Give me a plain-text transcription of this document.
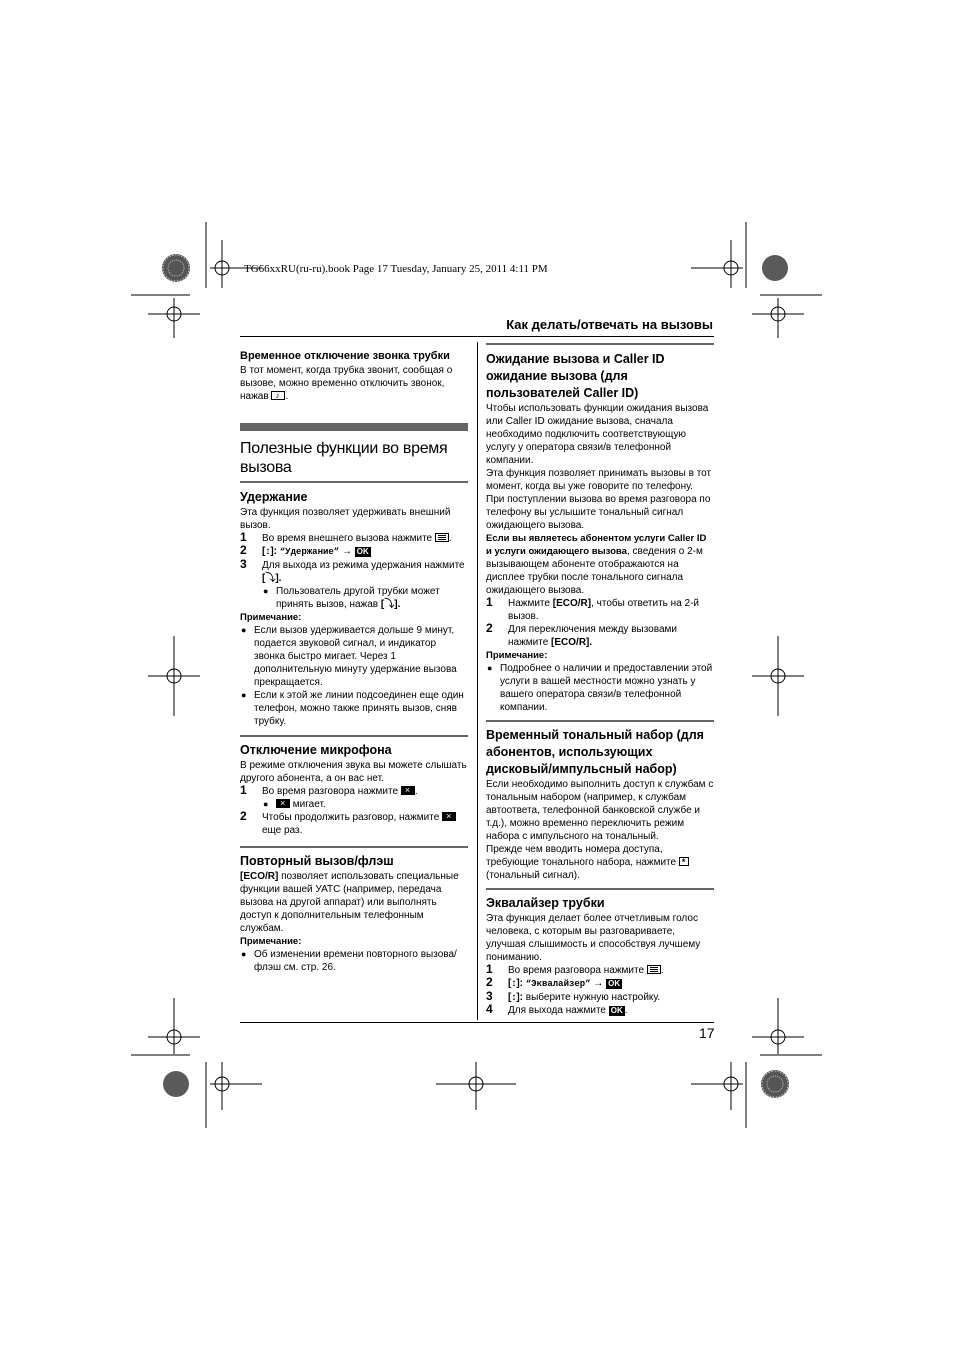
TG66xxRU(ru-ru).book Page 17 Tuesday, January 25, 2011 4:11 PM
Как делать/отвечать на вызовы

Временное отключение звонка трубки

В тот момент, когда трубка звонит, сообщая о вызове, можно временно отключить звонок, нажав ♪ .

Полезные функции во время вызова

Удержание

Эта функция позволяет удерживать внешний вызов.

1 Во время внешнего вызова нажмите .
2 [↕]: “Удержание” → OK
3 Для выхода из режима удержания нажмите [⤵].
● Пользователь другой трубки может принять вызов, нажав [⤵].

Примечание:

● Если вызов удерживается дольше 9 минут, подается звуковой сигнал, и индикатор звонка быстро мигает. Через 1 дополнительную минуту удержание вызова прекращается.
● Если к этой же линии подсоединен еще один телефон, можно также принять вызов, сняв трубку.

Отключение микрофона

В режиме отключения звука вы можете слышать другого абонента, а он вас нет.

1 Во время разговора нажмите × .
● × мигает.
2 Чтобы продолжить разговор, нажмите × еще раз.

Повторный вызов/флэш

[ECO/R] позволяет использовать специальные функции вашей УАТС (например, передача вызова на другой аппарат) или выполнять доступ к дополнительным телефонным службам.

Примечание:

● Об изменении времени повторного вызова/флэш см. стр. 26.

Ожидание вызова и Caller ID ожидание вызова (для пользователей Caller ID)

Чтобы использовать функции ожидания вызова или Caller ID ожидание вызова, сначала необходимо подключить соответствующую услугу у оператора связи/в телефонной компании.

Эта функция позволяет принимать вызовы в тот момент, когда вы уже говорите по телефону. При поступлении вызова во время разговора по телефону вы услышите тональный сигнал ожидающего вызова.

Если вы являетесь абонентом услуги Caller ID и услуги ожидающего вызова, сведения о 2-м вызывающем абоненте отображаются на дисплее трубки после тонального сигнала ожидающего вызова.

1 Нажмите [ECO/R], чтобы ответить на 2-й вызов.
2 Для переключения между вызовами нажмите [ECO/R].

Примечание:

● Подробнее о наличии и предоставлении этой услуги в вашей местности можно узнать у вашего оператора связи/в телефонной компании.

Временный тональный набор (для абонентов, использующих дисковый/импульсный набор)

Если необходимо выполнить доступ к службам с тональным набором (например, к службам автоответа, телефонной банковской службе и т.д.), можно временно переключить режим набора с импульсного на тональный.

Прежде чем вводить номера доступа, требующие тонального набора, нажмите * (тональный сигнал).

Эквалайзер трубки

Эта функция делает более отчетливым голос человека, с которым вы разговариваете, улучшая слышимость и способствуя лучшему пониманию.

1 Во время разговора нажмите .
2 [↕]: “Эквалайзер” → OK
3 [↕]: выберите нужную настройку.
4 Для выхода нажмите OK .
17
